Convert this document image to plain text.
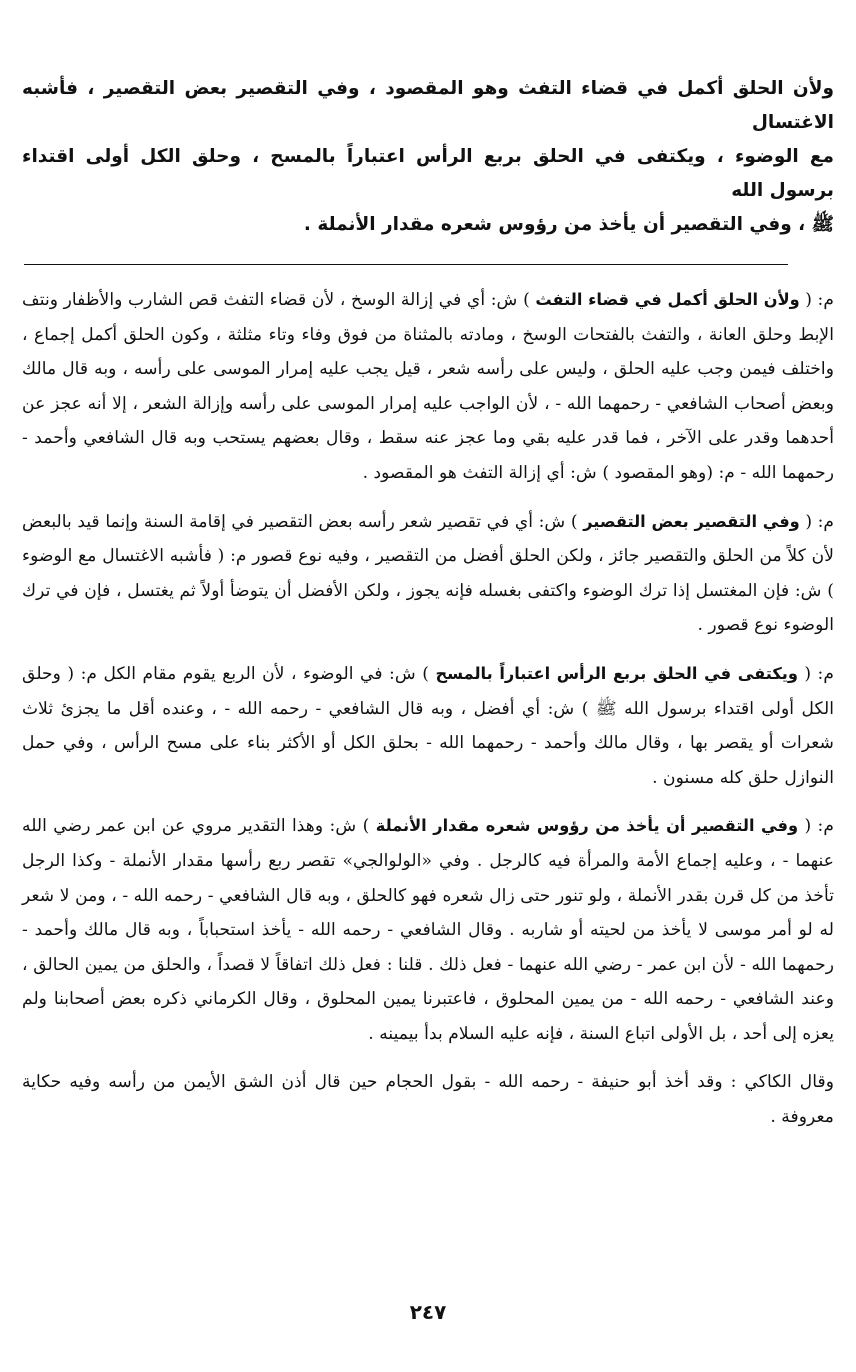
ولأن الحلق أكمل في قضاء التفث وهو المقصود ، وفي التقصير بعض التقصير ، فأشبه الاغتسال
مع الوضوء ، ويكتفى في الحلق بربع الرأس اعتباراً بالمسح ، وحلق الكل أولى اقتداء برسول الله
ﷺ ، وفي التقصير أن يأخذ من رؤوس شعره مقدار الأنملة .

م: ( ولأن الحلق أكمل في قضاء التفث ) ش: أي في إزالة الوسخ ، لأن قضاء التفث قص الشارب والأظفار ونتف الإبط وحلق العانة ، والتفث بالفتحات الوسخ ، ومادته بالمثناة من فوق وفاء وتاء مثلثة ، وكون الحلق أكمل إجماع ، واختلف فيمن وجب عليه الحلق ، وليس على رأسه شعر ، قيل يجب عليه إمرار الموسى على رأسه ، وبه قال مالك وبعض أصحاب الشافعي - رحمهما الله - ، لأن الواجب عليه إمرار الموسى على رأسه وإزالة الشعر ، إلا أنه عجز عن أحدهما وقدر على الآخر ، فما قدر عليه بقي وما عجز عنه سقط ، وقال بعضهم يستحب وبه قال الشافعي وأحمد - رحمهما الله - م: (وهو المقصود ) ش: أي إزالة التفث هو المقصود .

م: ( وفي التقصير بعض التقصير ) ش: أي في تقصير شعر رأسه بعض التقصير في إقامة السنة وإنما قيد بالبعض لأن كلاً من الحلق والتقصير جائز ، ولكن الحلق أفضل من التقصير ، وفيه نوع قصور م: ( فأشبه الاغتسال مع الوضوء ) ش: فإن المغتسل إذا ترك الوضوء واكتفى بغسله فإنه يجوز ، ولكن الأفضل أن يتوضأ أولاً ثم يغتسل ، فإن في ترك الوضوء نوع قصور .

م: ( ويكتفى في الحلق بربع الرأس اعتباراً بالمسح ) ش: في الوضوء ، لأن الربع يقوم مقام الكل م: ( وحلق الكل أولى اقتداء برسول الله ﷺ ) ش: أي أفضل ، وبه قال الشافعي - رحمه الله - ، وعنده أقل ما يجزئ ثلاث شعرات أو يقصر بها ، وقال مالك وأحمد - رحمهما الله - بحلق الكل أو الأكثر بناء على مسح الرأس ، وفي حمل النوازل حلق كله مسنون .

م: ( وفي التقصير أن يأخذ من رؤوس شعره مقدار الأنملة ) ش: وهذا التقدير مروي عن ابن عمر رضي الله عنهما - ، وعليه إجماع الأمة والمرأة فيه كالرجل . وفي «الولوالجي» تقصر ربع رأسها مقدار الأنملة - وكذا الرجل تأخذ من كل قرن بقدر الأنملة ، ولو تنور حتى زال شعره فهو كالحلق ، وبه قال الشافعي - رحمه الله - ، ومن لا شعر له لو أمر موسى لا يأخذ من لحيته أو شاربه . وقال الشافعي - رحمه الله - يأخذ استحباباً ، وبه قال مالك وأحمد - رحمهما الله - لأن ابن عمر - رضي الله عنهما - فعل ذلك . قلنا : فعل ذلك اتفاقاً لا قصداً ، والحلق من يمين الحالق ، وعند الشافعي - رحمه الله - من يمين المحلوق ، فاعتبرنا يمين المحلوق ، وقال الكرماني ذكره بعض أصحابنا ولم يعزه إلى أحد ، بل الأولى اتباع السنة ، فإنه عليه السلام بدأ بيمينه .

وقال الكاكي : وقد أخذ أبو حنيفة - رحمه الله - بقول الحجام حين قال أذن الشق الأيمن من رأسه وفيه حكاية معروفة .

٢٤٧
